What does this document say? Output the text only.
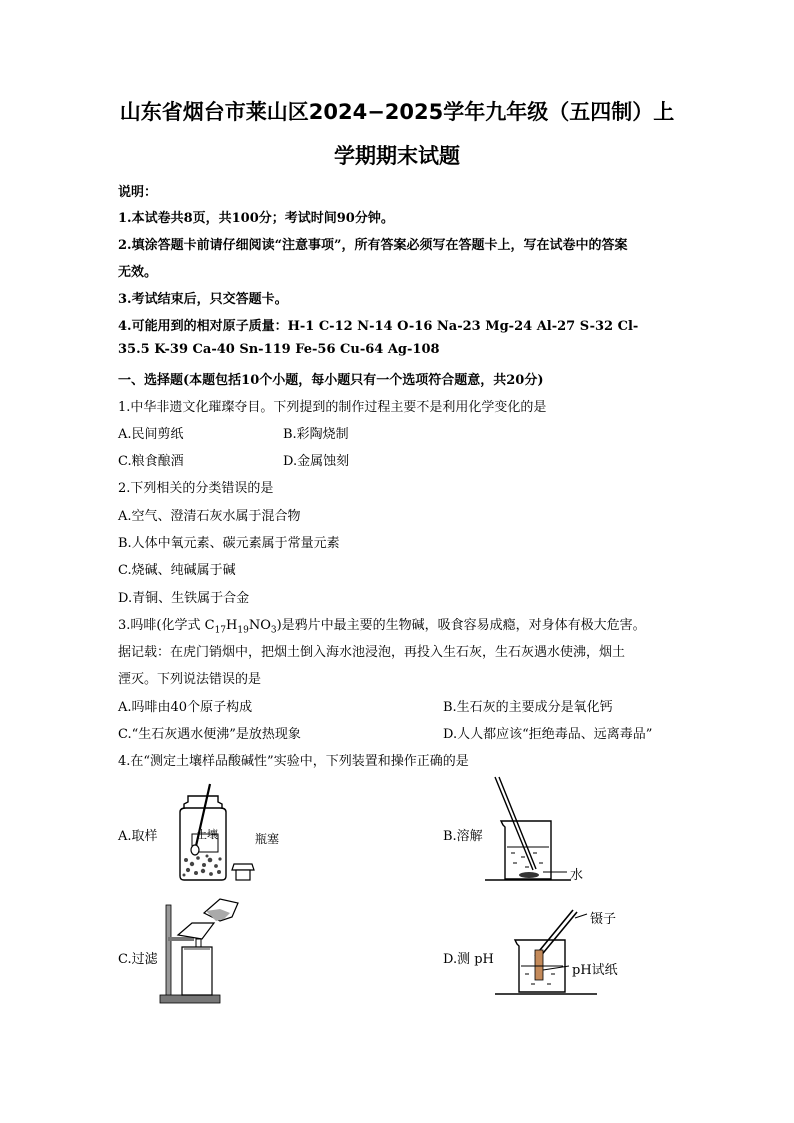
山东省烟台市莱山区2024−2025学年九年级（五四制）上
学期期末试题
说明：
1.本试卷共8页，共100分；考试时间90分钟。
2.填涂答题卡前请仔细阅读“注意事项”，所有答案必须写在答题卡上，写在试卷中的答案
无效。
3.考试结束后，只交答题卡。
4.可能用到的相对原子质量：H-1 C-12 N-14 O-16 Na-23 Mg-24 Al-27 S-32 Cl-
35.5 K-39 Ca-40 Sn-119 Fe-56 Cu-64 Ag-108
一、选择题(本题包括10个小题，每小题只有一个选项符合题意，共20分)
1.中华非遗文化璀璨夺目。下列提到的制作过程主要不是利用化学变化的是
A.民间剪纸	B.彩陶烧制
C.粮食酿酒	D.金属蚀刻
2.下列相关的分类错误的是
A.空气、澄清石灰水属于混合物
B.人体中氧元素、碳元素属于常量元素
C.烧碱、纯碱属于碱
D.青铜、生铁属于合金
3.吗啡(化学式 $C_{17}H_{19}NO_3$)是鸦片中最主要的生物碱，吸食容易成瘾，对身体有极大危害。
据记载：在虎门销烟中，把烟土倒入海水池浸泡，再投入生石灰，生石灰遇水使沸，烟土
湮灭。下列说法错误的是
A.吗啡由40个原子构成	B.生石灰的主要成分是氧化钙
C.“生石灰遇水便沸”是放热现象	D.人人都应该“拒绝毒品、远离毒品”
4.在“测定土壤样品酸碱性”实验中，下列装置和操作正确的是
A.取样	土壤	瓶塞	B.溶解
水
C.过滤	D.测 pH
镊子
pH试纸
